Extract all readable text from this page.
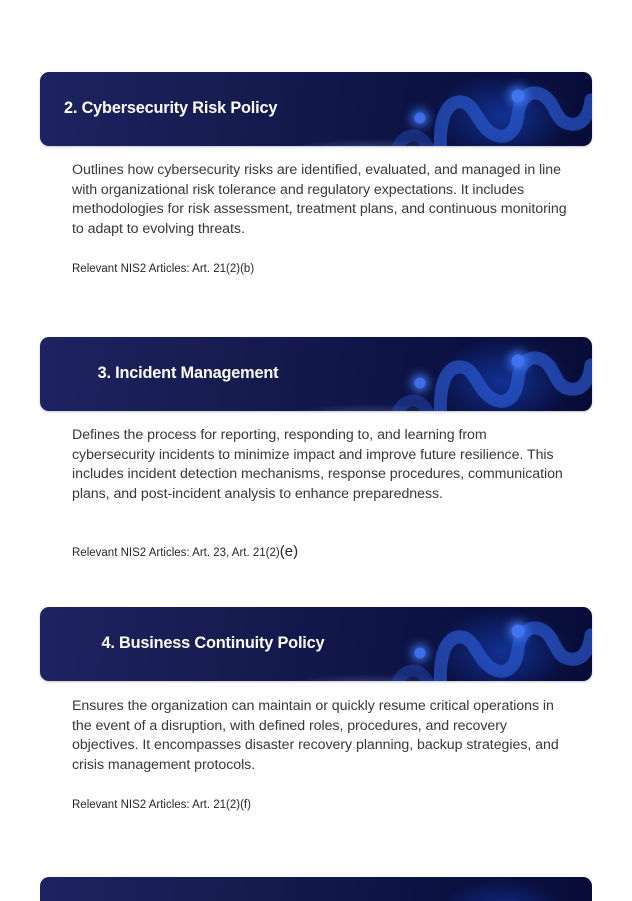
2. Cybersecurity Risk Policy
Outlines how cybersecurity risks are identified, evaluated, and managed in line with organizational risk tolerance and regulatory expectations. It includes methodologies for risk assessment, treatment plans, and continuous monitoring to adapt to evolving threats.
Relevant NIS2 Articles: Art. 21(2)(b)
3. Incident Management
Defines the process for reporting, responding to, and learning from cybersecurity incidents to minimize impact and improve future resilience. This includes incident detection mechanisms, response procedures, communication plans, and post-incident analysis to enhance preparedness.
Relevant NIS2 Articles: Art. 23, Art. 21(2)(e)
4. Business Continuity Policy
Ensures the organization can maintain or quickly resume critical operations in the event of a disruption, with defined roles, procedures, and recovery objectives. It encompasses disaster recovery planning, backup strategies, and crisis management protocols.
Relevant NIS2 Articles: Art. 21(2)(f)
